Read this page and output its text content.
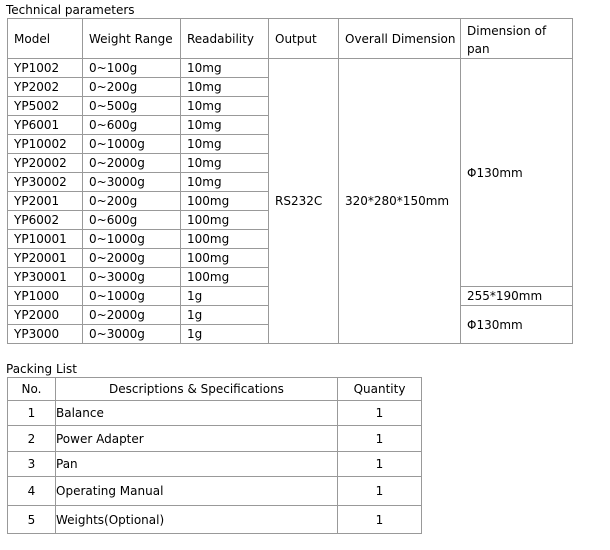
Technical parameters
Model	Weight Range	Readability	Output	Overall Dimension	Dimension of pan
YP1002	0~100g	10mg	RS232C	320*280*150mm	Φ130mm
YP2002	0~200g	10mg			
YP5002	0~500g	10mg			
YP6001	0~600g	10mg			
YP10002	0~1000g	10mg			
YP20002	0~2000g	10mg			
YP30002	0~3000g	10mg			
YP2001	0~200g	100mg			
YP6002	0~600g	100mg			
YP10001	0~1000g	100mg			
YP20001	0~2000g	100mg			
YP30001	0~3000g	100mg			
YP1000	0~1000g	1g			255*190mm
YP2000	0~2000g	1g			Φ130mm
YP3000	0~3000g	1g			
Packing List
No.	Descriptions & Specifications	Quantity
1	Balance	1
2	Power Adapter	1
3	Pan	1
4	Operating Manual	1
5	Weights(Optional)	1
